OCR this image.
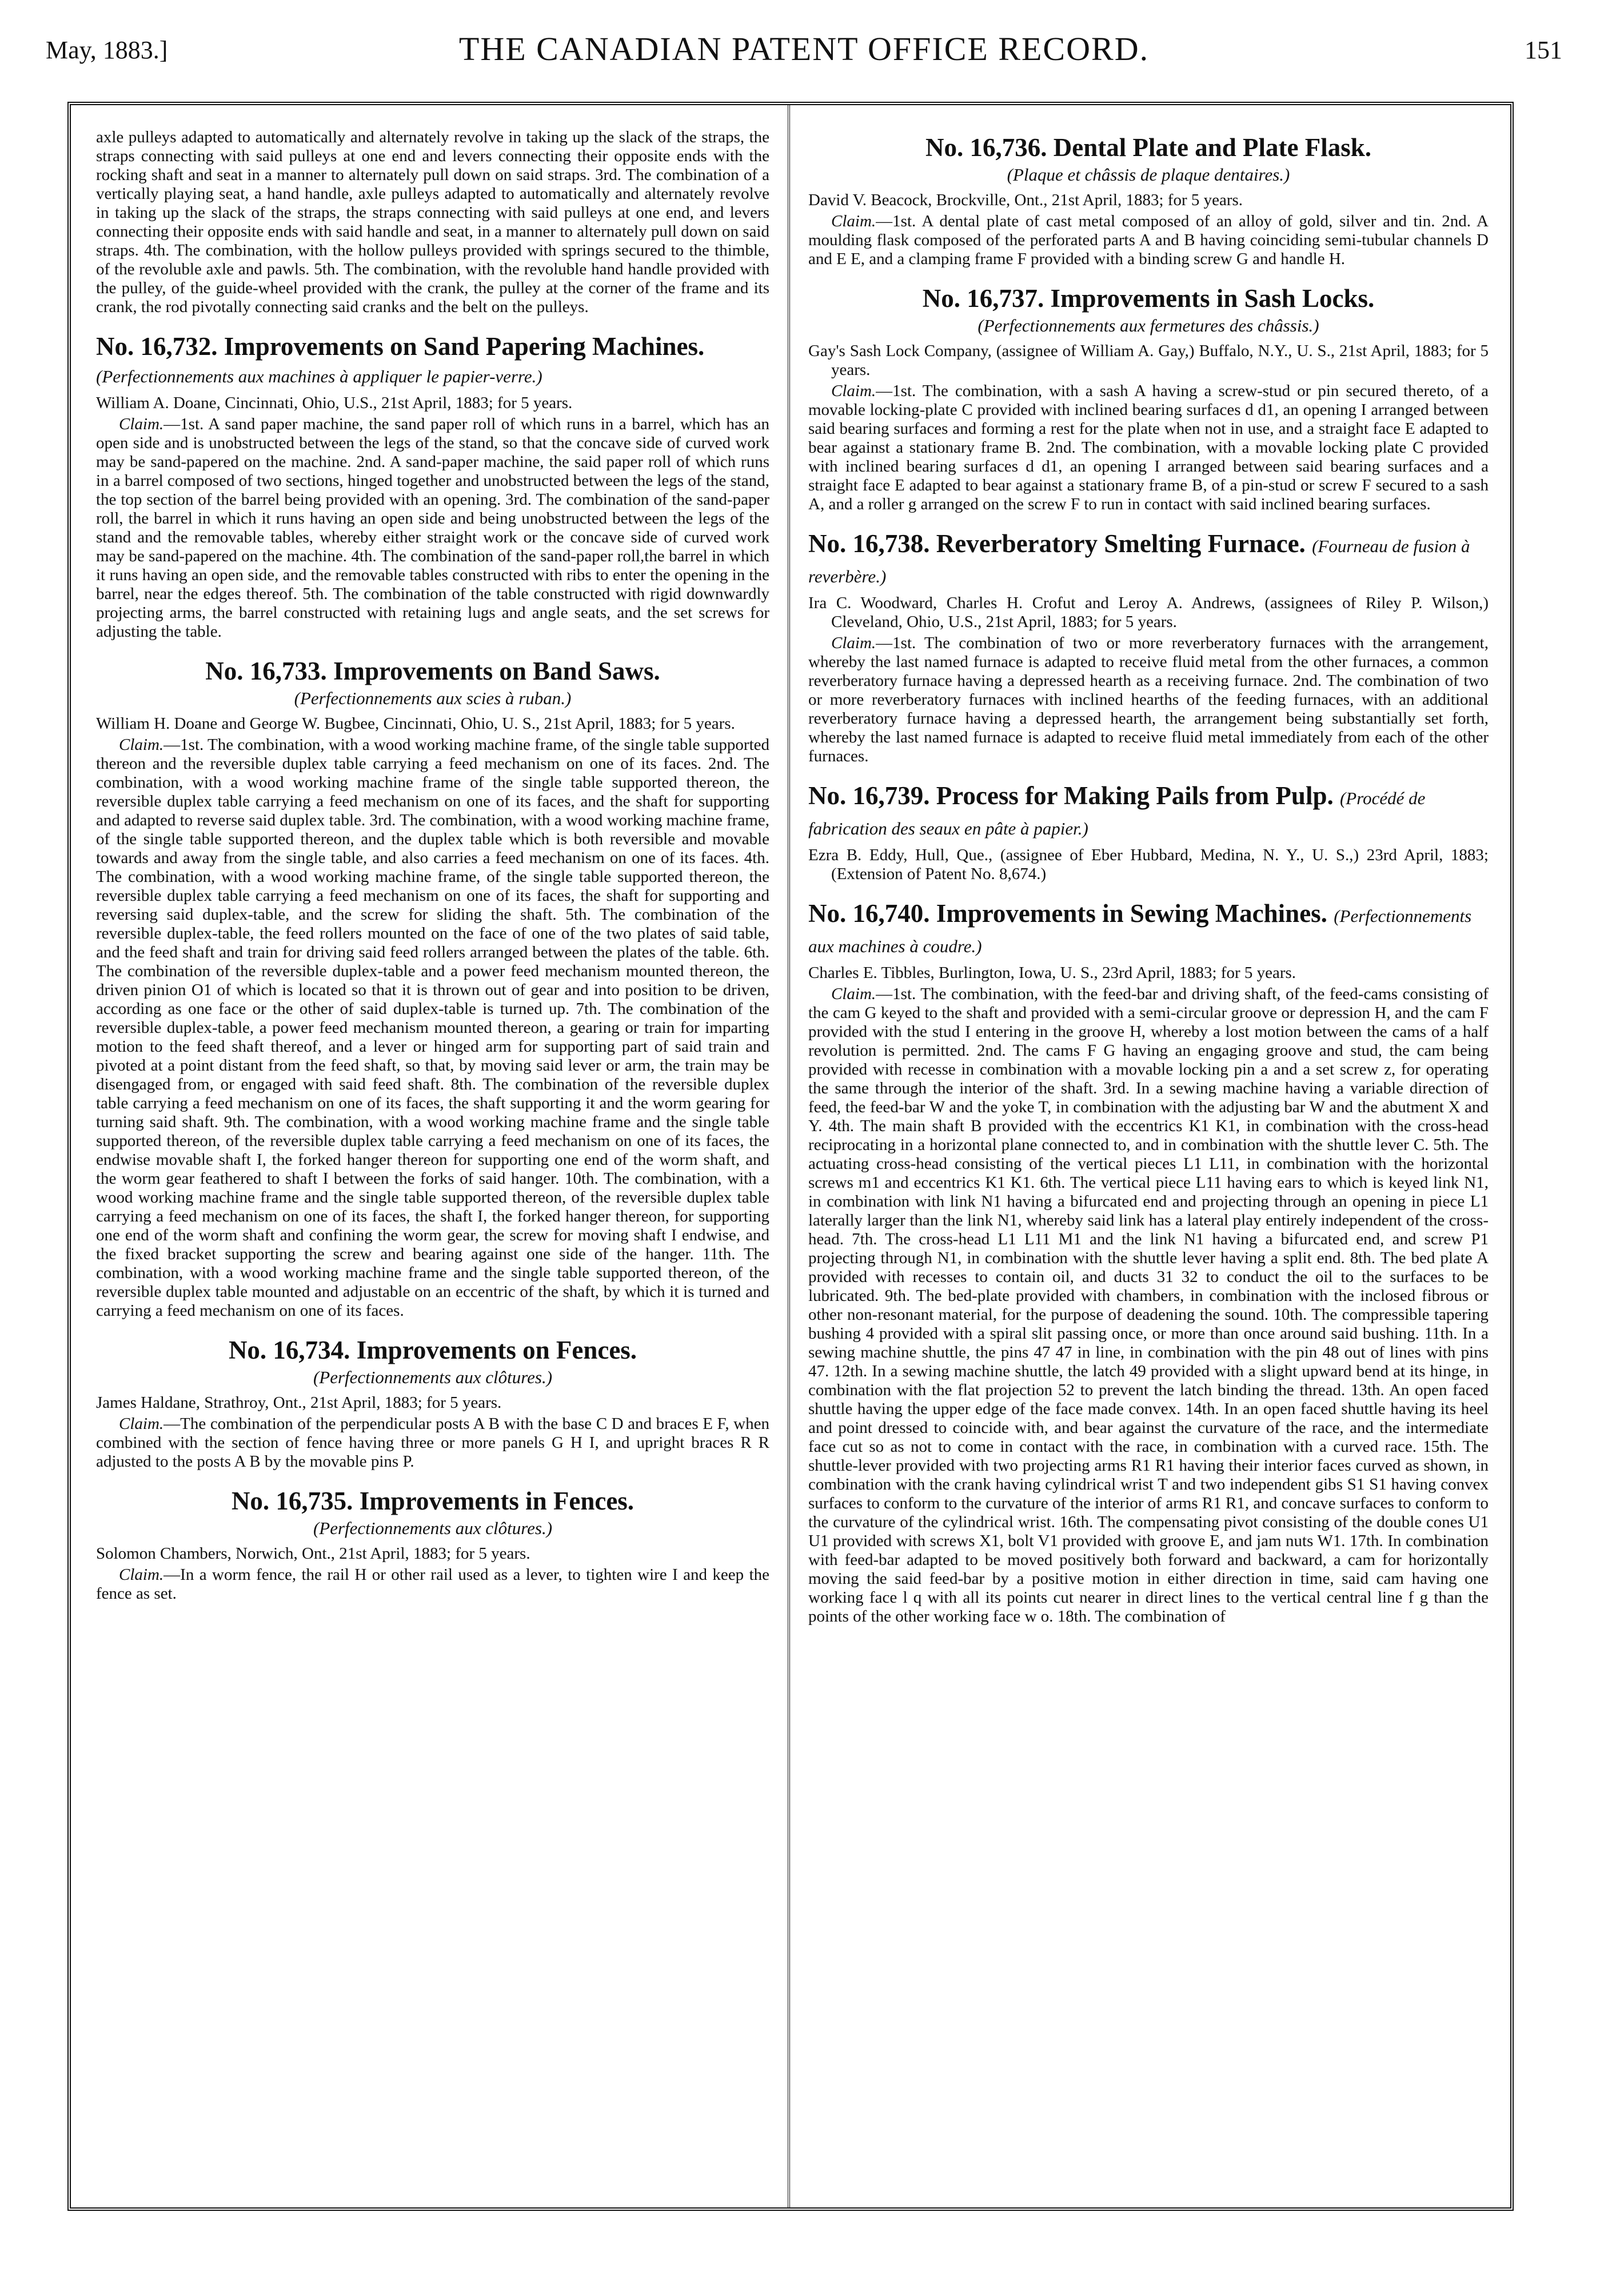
May, 1883.]	THE CANADIAN PATENT OFFICE RECORD.	151

axle pulleys adapted to automatically and alternately revolve in taking up the slack of the straps, the straps connecting with said pulleys at one end and levers connecting their opposite ends with the rocking shaft and seat in a manner to alternately pull down on said straps. 3rd. The combination of a vertically playing seat, a hand handle, axle pulleys adapted to automatically and alternately revolve in taking up the slack of the straps, the straps connecting with said pulleys at one end, and levers connecting their opposite ends with said handle and seat, in a manner to alternately pull down on said straps. 4th. The combination, with the hollow pulleys provided with springs secured to the thimble, of the revoluble axle and pawls. 5th. The combination, with the revoluble hand handle provided with the pulley, of the guide-wheel provided with the crank, the pulley at the corner of the frame and its crank, the rod pivotally connecting said cranks and the belt on the pulleys.

No. 16,732. Improvements on Sand Papering Machines. (Perfectionnements aux machines à appliquer le papier-verre.)

William A. Doane, Cincinnati, Ohio, U.S., 21st April, 1883; for 5 years.

Claim.—1st. A sand paper machine, the sand paper roll of which runs in a barrel, which has an open side and is unobstructed between the legs of the stand, so that the concave side of curved work may be sand-papered on the machine. 2nd. A sand-paper machine, the said paper roll of which runs in a barrel composed of two sections, hinged together and unobstructed between the legs of the stand, the top section of the barrel being provided with an opening. 3rd. The combination of the sand-paper roll, the barrel in which it runs having an open side and being unobstructed between the legs of the stand and the removable tables, whereby either straight work or the concave side of curved work may be sand-papered on the machine. 4th. The combination of the sand-paper roll,the barrel in which it runs having an open side, and the removable tables constructed with ribs to enter the opening in the barrel, near the edges thereof. 5th. The combination of the table constructed with rigid downwardly projecting arms, the barrel constructed with retaining lugs and angle seats, and the set screws for adjusting the table.

No. 16,733. Improvements on Band Saws.
(Perfectionnements aux scies à ruban.)

William H. Doane and George W. Bugbee, Cincinnati, Ohio, U. S., 21st April, 1883; for 5 years.

Claim.—1st. The combination, with a wood working machine frame, of the single table supported thereon and the reversible duplex table carrying a feed mechanism on one of its faces. 2nd. The combination, with a wood working machine frame of the single table supported thereon, the reversible duplex table carrying a feed mechanism on one of its faces, and the shaft for supporting and adapted to reverse said duplex table. 3rd. The combination, with a wood working machine frame, of the single table supported thereon, and the duplex table which is both reversible and movable towards and away from the single table, and also carries a feed mechanism on one of its faces. 4th. The combination, with a wood working machine frame, of the single table supported thereon, the reversible duplex table carrying a feed mechanism on one of its faces, the shaft for supporting and reversing said duplex-table, and the screw for sliding the shaft. 5th. The combination of the reversible duplex-table, the feed rollers mounted on the face of one of the two plates of said table, and the feed shaft and train for driving said feed rollers arranged between the plates of the table. 6th. The combination of the reversible duplex-table and a power feed mechanism mounted thereon, the driven pinion O1 of which is located so that it is thrown out of gear and into position to be driven, according as one face or the other of said duplex-table is turned up. 7th. The combination of the reversible duplex-table, a power feed mechanism mounted thereon, a gearing or train for imparting motion to the feed shaft thereof, and a lever or hinged arm for supporting part of said train and pivoted at a point distant from the feed shaft, so that, by moving said lever or arm, the train may be disengaged from, or engaged with said feed shaft. 8th. The combination of the reversible duplex table carrying a feed mechanism on one of its faces, the shaft supporting it and the worm gearing for turning said shaft. 9th. The combination, with a wood working machine frame and the single table supported thereon, of the reversible duplex table carrying a feed mechanism on one of its faces, the endwise movable shaft I, the forked hanger thereon for supporting one end of the worm shaft, and the worm gear feathered to shaft I between the forks of said hanger. 10th. The combination, with a wood working machine frame and the single table supported thereon, of the reversible duplex table carrying a feed mechanism on one of its faces, the shaft I, the forked hanger thereon, for supporting one end of the worm shaft and confining the worm gear, the screw for moving shaft I endwise, and the fixed bracket supporting the screw and bearing against one side of the hanger. 11th. The combination, with a wood working machine frame and the single table supported thereon, of the reversible duplex table mounted and adjustable on an eccentric of the shaft, by which it is turned and carrying a feed mechanism on one of its faces.

No. 16,734. Improvements on Fences.
(Perfectionnements aux clôtures.)

James Haldane, Strathroy, Ont., 21st April, 1883; for 5 years.

Claim.—The combination of the perpendicular posts A B with the base C D and braces E F, when combined with the section of fence having three or more panels G H I, and upright braces R R adjusted to the posts A B by the movable pins P.

No. 16,735. Improvements in Fences.
(Perfectionnements aux clôtures.)

Solomon Chambers, Norwich, Ont., 21st April, 1883; for 5 years.

Claim.—In a worm fence, the rail H or other rail used as a lever, to tighten wire I and keep the fence as set.

No. 16,736. Dental Plate and Plate Flask.
(Plaque et châssis de plaque dentaires.)

David V. Beacock, Brockville, Ont., 21st April, 1883; for 5 years.

Claim.—1st. A dental plate of cast metal composed of an alloy of gold, silver and tin. 2nd. A moulding flask composed of the perforated parts A and B having coinciding semi-tubular channels D and E E, and a clamping frame F provided with a binding screw G and handle H.

No. 16,737. Improvements in Sash Locks.
(Perfectionnements aux fermetures des châssis.)

Gay's Sash Lock Company, (assignee of William A. Gay,) Buffalo, N.Y., U. S., 21st April, 1883; for 5 years.

Claim.—1st. The combination, with a sash A having a screw-stud or pin secured thereto, of a movable locking-plate C provided with inclined bearing surfaces d d1, an opening I arranged between said bearing surfaces and forming a rest for the plate when not in use, and a straight face E adapted to bear against a stationary frame B. 2nd. The combination, with a movable locking plate C provided with inclined bearing surfaces d d1, an opening I arranged between said bearing surfaces and a straight face E adapted to bear against a stationary frame B, of a pin-stud or screw F secured to a sash A, and a roller g arranged on the screw F to run in contact with said inclined bearing surfaces.

No. 16,738. Reverberatory Smelting Furnace. (Fourneau de fusion à reverbère.)

Ira C. Woodward, Charles H. Crofut and Leroy A. Andrews, (assignees of Riley P. Wilson,) Cleveland, Ohio, U.S., 21st April, 1883; for 5 years.

Claim.—1st. The combination of two or more reverberatory furnaces with the arrangement, whereby the last named furnace is adapted to receive fluid metal from the other furnaces, a common reverberatory furnace having a depressed hearth as a receiving furnace. 2nd. The combination of two or more reverberatory furnaces with inclined hearths of the feeding furnaces, with an additional reverberatory furnace having a depressed hearth, the arrangement being substantially set forth, whereby the last named furnace is adapted to receive fluid metal immediately from each of the other furnaces.

No. 16,739. Process for Making Pails from Pulp. (Procédé de fabrication des seaux en pâte à papier.)

Ezra B. Eddy, Hull, Que., (assignee of Eber Hubbard, Medina, N. Y., U. S.,) 23rd April, 1883; (Extension of Patent No. 8,674.)

No. 16,740. Improvements in Sewing Machines. (Perfectionnements aux machines à coudre.)

Charles E. Tibbles, Burlington, Iowa, U. S., 23rd April, 1883; for 5 years.

Claim.—1st. The combination, with the feed-bar and driving shaft, of the feed-cams consisting of the cam G keyed to the shaft and provided with a semi-circular groove or depression H, and the cam F provided with the stud I entering in the groove H, whereby a lost motion between the cams of a half revolution is permitted. 2nd. The cams F G having an engaging groove and stud, the cam being provided with recesse in combination with a movable locking pin a and a set screw z, for operating the same through the interior of the shaft. 3rd. In a sewing machine having a variable direction of feed, the feed-bar W and the yoke T, in combination with the adjusting bar W and the abutment X and Y. 4th. The main shaft B provided with the eccentrics K1 K1, in combination with the cross-head reciprocating in a horizontal plane connected to, and in combination with the shuttle lever C. 5th. The actuating cross-head consisting of the vertical pieces L1 L11, in combination with the horizontal screws m1 and eccentrics K1 K1. 6th. The vertical piece L11 having ears to which is keyed link N1, in combination with link N1 having a bifurcated end and projecting through an opening in piece L1 laterally larger than the link N1, whereby said link has a lateral play entirely independent of the cross-head. 7th. The cross-head L1 L11 M1 and the link N1 having a bifurcated end, and screw P1 projecting through N1, in combination with the shuttle lever having a split end. 8th. The bed plate A provided with recesses to contain oil, and ducts 31 32 to conduct the oil to the surfaces to be lubricated. 9th. The bed-plate provided with chambers, in combination with the inclosed fibrous or other non-resonant material, for the purpose of deadening the sound. 10th. The compressible tapering bushing 4 provided with a spiral slit passing once, or more than once around said bushing. 11th. In a sewing machine shuttle, the pins 47 47 in line, in combination with the pin 48 out of lines with pins 47. 12th. In a sewing machine shuttle, the latch 49 provided with a slight upward bend at its hinge, in combination with the flat projection 52 to prevent the latch binding the thread. 13th. An open faced shuttle having the upper edge of the face made convex. 14th. In an open faced shuttle having its heel and point dressed to coincide with, and bear against the curvature of the race, and the intermediate face cut so as not to come in contact with the race, in combination with a curved race. 15th. The shuttle-lever provided with two projecting arms R1 R1 having their interior faces curved as shown, in combination with the crank having cylindrical wrist T and two independent gibs S1 S1 having convex surfaces to conform to the curvature of the interior of arms R1 R1, and concave surfaces to conform to the curvature of the cylindrical wrist. 16th. The compensating pivot consisting of the double cones U1 U1 provided with screws X1, bolt V1 provided with groove E, and jam nuts W1. 17th. In combination with feed-bar adapted to be moved positively both forward and backward, a cam for horizontally moving the said feed-bar by a positive motion in either direction in time, said cam having one working face l q with all its points cut nearer in direct lines to the vertical central line f g than the points of the other working face w o. 18th. The combination of
